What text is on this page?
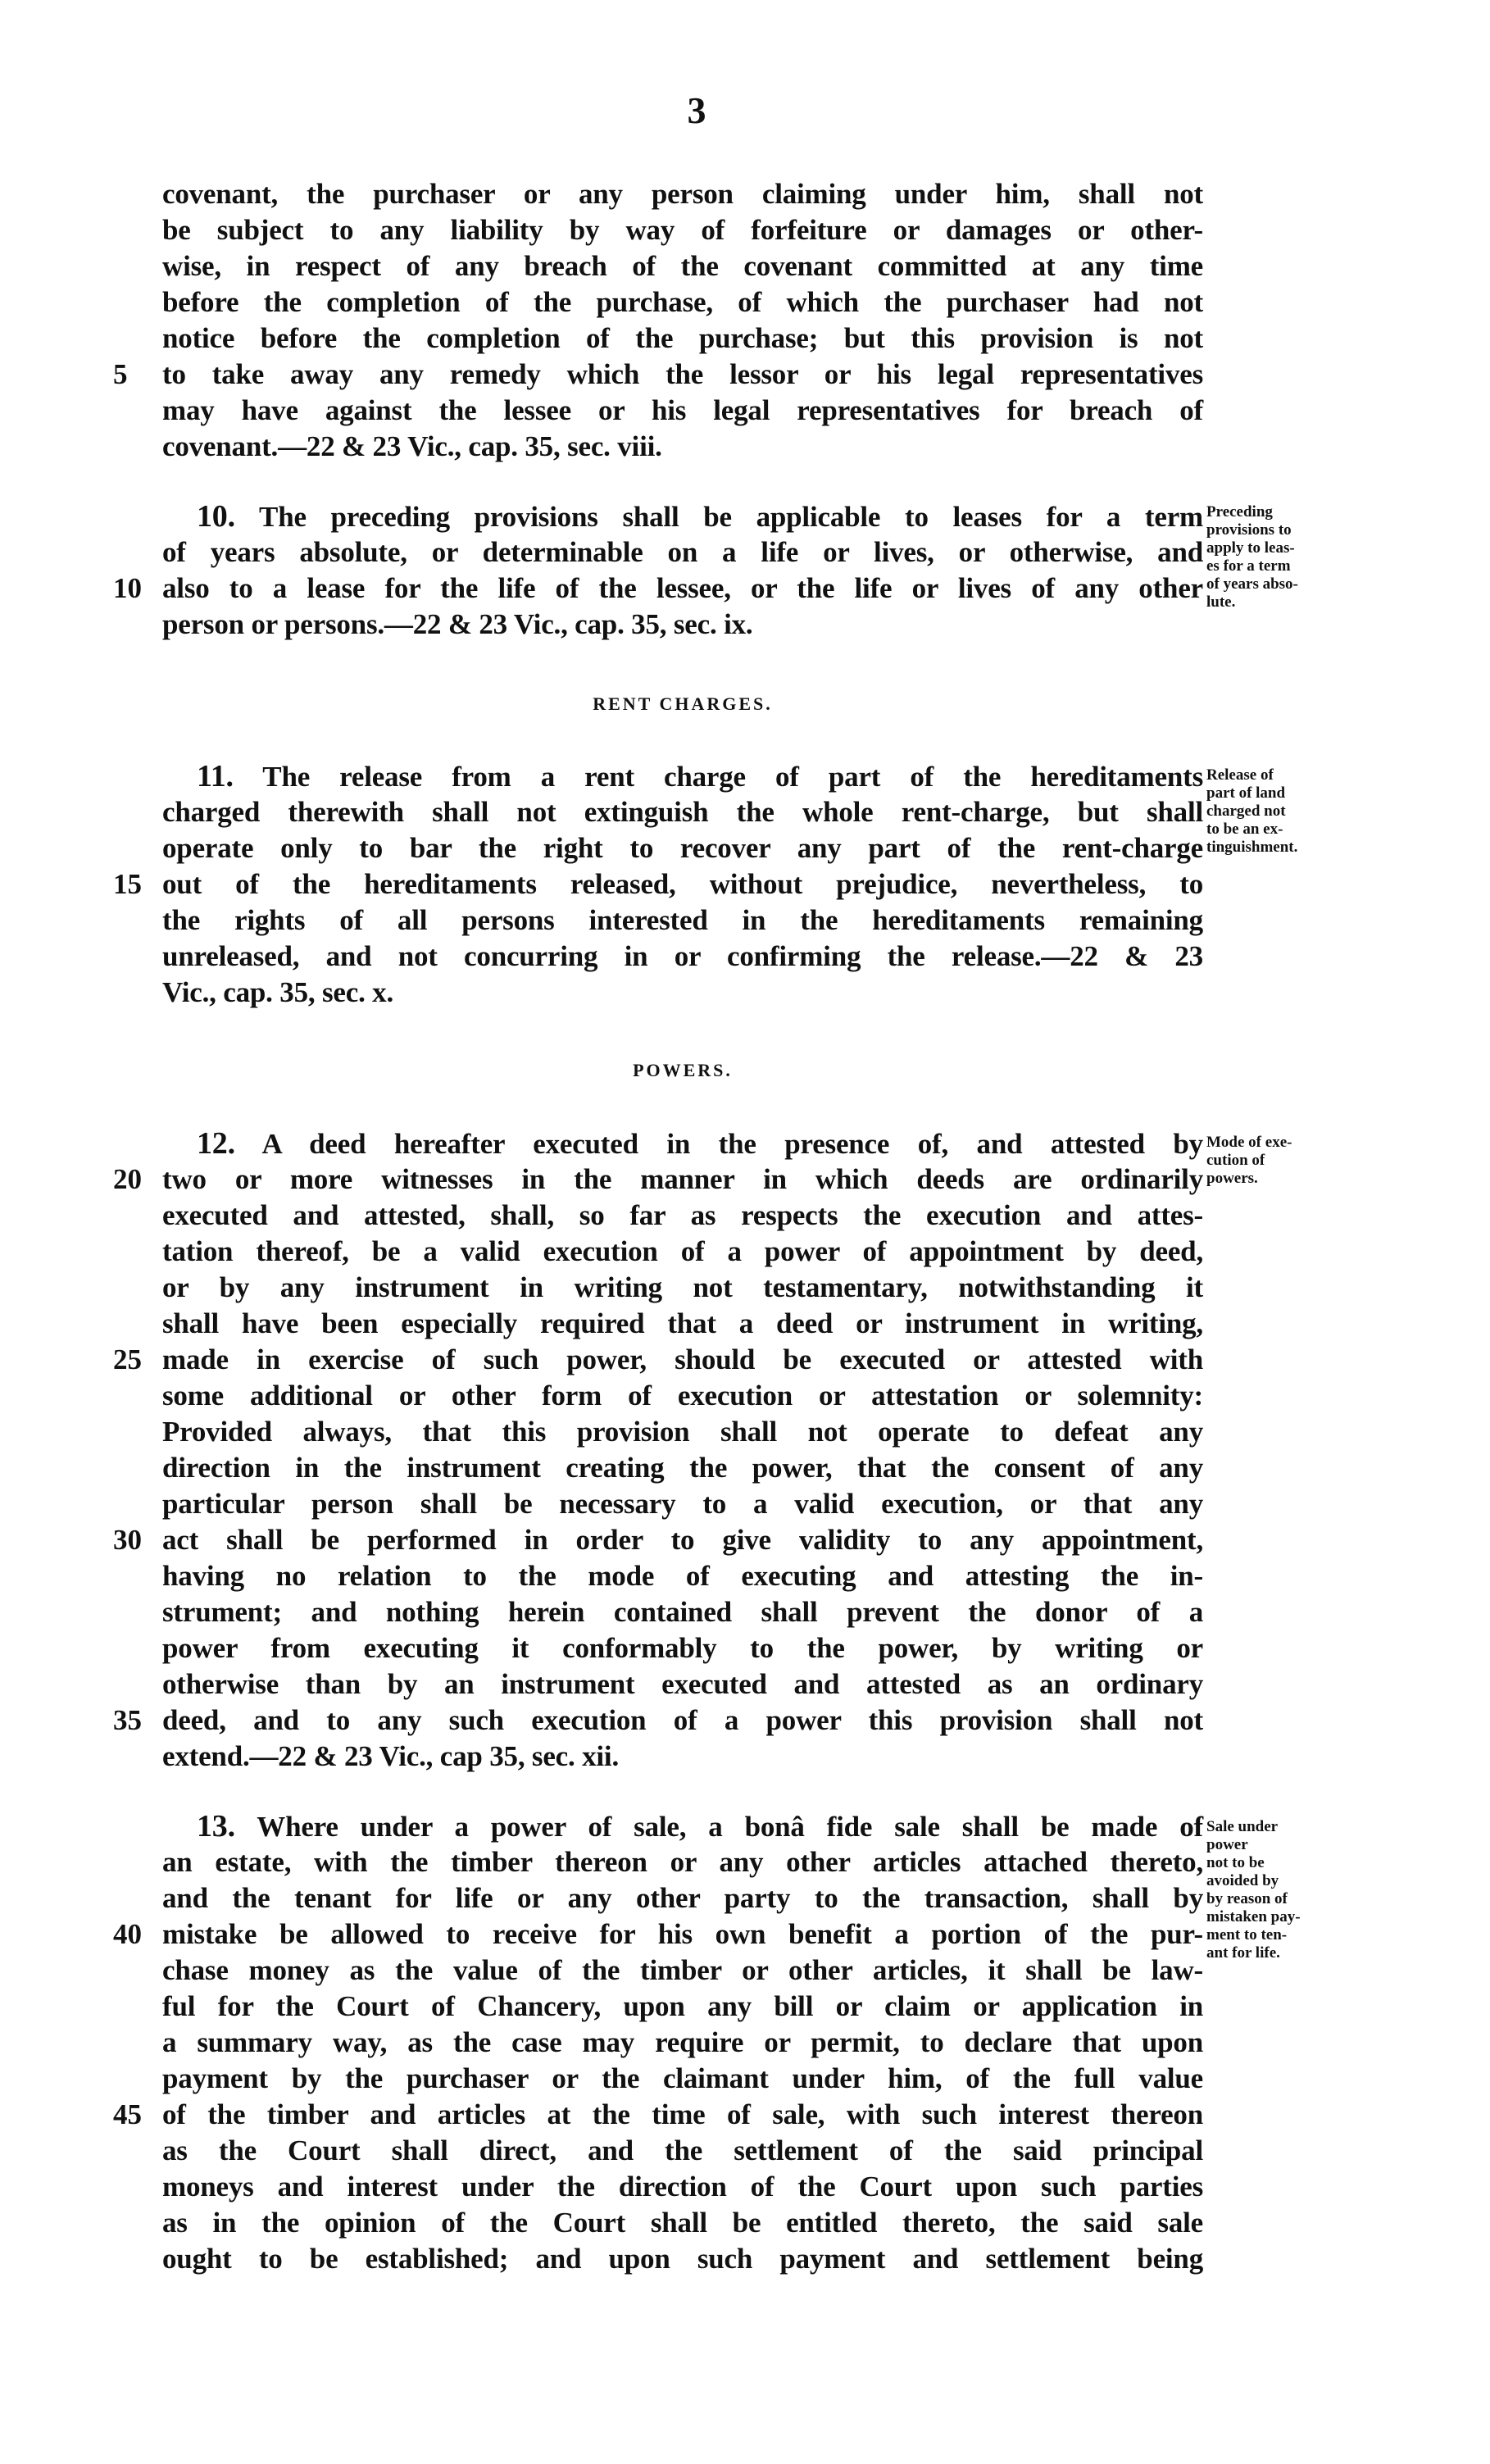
3
covenant, the purchaser or any person claiming under him, shall not
be subject to any liability by way of forfeiture or damages or other-
wise, in respect of any breach of the covenant committed at any time
before the completion of the purchase, of which the purchaser had not
notice before the completion of the purchase; but this provision is not
5	to take away any remedy which the lessor or his legal representatives
may have against the lessee or his legal representatives for breach of
covenant.—22 & 23 Vic., cap. 35, sec. viii.
10. The preceding provisions shall be applicable to leases for a term
of years absolute, or determinable on a life or lives, or otherwise, and
10 also to a lease for the life of the lessee, or the life or lives of any other
person or persons.—22 & 23 Vic., cap. 35, sec. ix.
Preceding
provisions to
apply to leas-
es for a term
of years abso-
lute.
RENT CHARGES.
11. The release from a rent charge of part of the hereditaments
charged therewith shall not extinguish the whole rent-charge, but shall
operate only to bar the right to recover any part of the rent-charge
15 out of the hereditaments released, without prejudice, nevertheless, to
the rights of all persons interested in the hereditaments remaining
unreleased, and not concurring in or confirming the release.—22 & 23
Vic., cap. 35, sec. x.
Release of
part of land
charged not
to be an ex-
tinguishment.
POWERS.
12. A deed hereafter executed in the presence of, and attested by
20 two or more witnesses in the manner in which deeds are ordinarily
executed and attested, shall, so far as respects the execution and attes-
tation thereof, be a valid execution of a power of appointment by deed,
or by any instrument in writing not testamentary, notwithstanding it
shall have been especially required that a deed or instrument in writing,
25 made in exercise of such power, should be executed or attested with
some additional or other form of execution or attestation or solemnity:
Provided always, that this provision shall not operate to defeat any
direction in the instrument creating the power, that the consent of any
particular person shall be necessary to a valid execution, or that any
30 act shall be performed in order to give validity to any appointment,
having no relation to the mode of executing and attesting the in-
strument; and nothing herein contained shall prevent the donor of a
power from executing it conformably to the power, by writing or
otherwise than by an instrument executed and attested as an ordinary
35 deed, and to any such execution of a power this provision shall not
extend.—22 & 23 Vic., cap 35, sec. xii.
Mode of exe-
cution of
powers.
13. Where under a power of sale, a bonâ fide sale shall be made of
an estate, with the timber thereon or any other articles attached thereto,
and the tenant for life or any other party to the transaction, shall by
40 mistake be allowed to receive for his own benefit a portion of the pur-
chase money as the value of the timber or other articles, it shall be law-
ful for the Court of Chancery, upon any bill or claim or application in
a summary way, as the case may require or permit, to declare that upon
payment by the purchaser or the claimant under him, of the full value
45 of the timber and articles at the time of sale, with such interest thereon
as the Court shall direct, and the settlement of the said principal
moneys and interest under the direction of the Court upon such parties
as in the opinion of the Court shall be entitled thereto, the said sale
ought to be established; and upon such payment and settlement being
Sale under
power
not to be
avoided by
by reason of
mistaken pay-
ment to ten-
ant for life.
